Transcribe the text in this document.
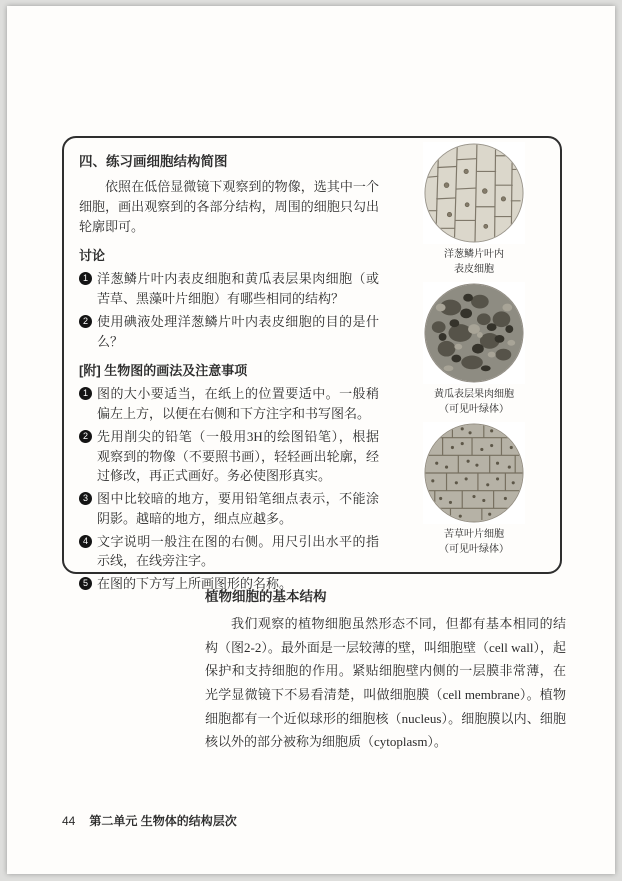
四、练习画细胞结构简图

依照在低倍显微镜下观察到的物像，选其中一个细胞，画出观察到的各部分结构，周围的细胞只勾出轮廓即可。

讨论
1 洋葱鳞片叶内表皮细胞和黄瓜表层果肉细胞（或苦草、黑藻叶片细胞）有哪些相同的结构？
2 使用碘液处理洋葱鳞片叶内表皮细胞的目的是什么？
[附] 生物图的画法及注意事项
1 图的大小要适当，在纸上的位置要适中。一般稍偏左上方，以便在右侧和下方注字和书写图名。
2 先用削尖的铅笔（一般用3H的绘图铅笔），根据观察到的物像（不要照书画），轻轻画出轮廓，经过修改，再正式画好。务必使图形真实。
3 图中比较暗的地方，要用铅笔细点表示，不能涂阴影。越暗的地方，细点应越多。
4 文字说明一般注在图的右侧。用尺引出水平的指示线，在线旁注字。
5 在图的下方写上所画图形的名称。
洋葱鳞片叶内
表皮细胞
黄瓜表层果肉细胞
（可见叶绿体）
苦草叶片细胞
（可见叶绿体）
植物细胞的基本结构

我们观察的植物细胞虽然形态不同，但都有基本相同的结构（图2-2）。最外面是一层较薄的壁，叫细胞壁（cell wall），起保护和支持细胞的作用。紧贴细胞壁内侧的一层膜非常薄，在光学显微镜下不易看清楚，叫做细胞膜（cell membrane）。植物细胞都有一个近似球形的细胞核（nucleus）。细胞膜以内、细胞核以外的部分被称为细胞质（cytoplasm）。

44 第二单元 生物体的结构层次
